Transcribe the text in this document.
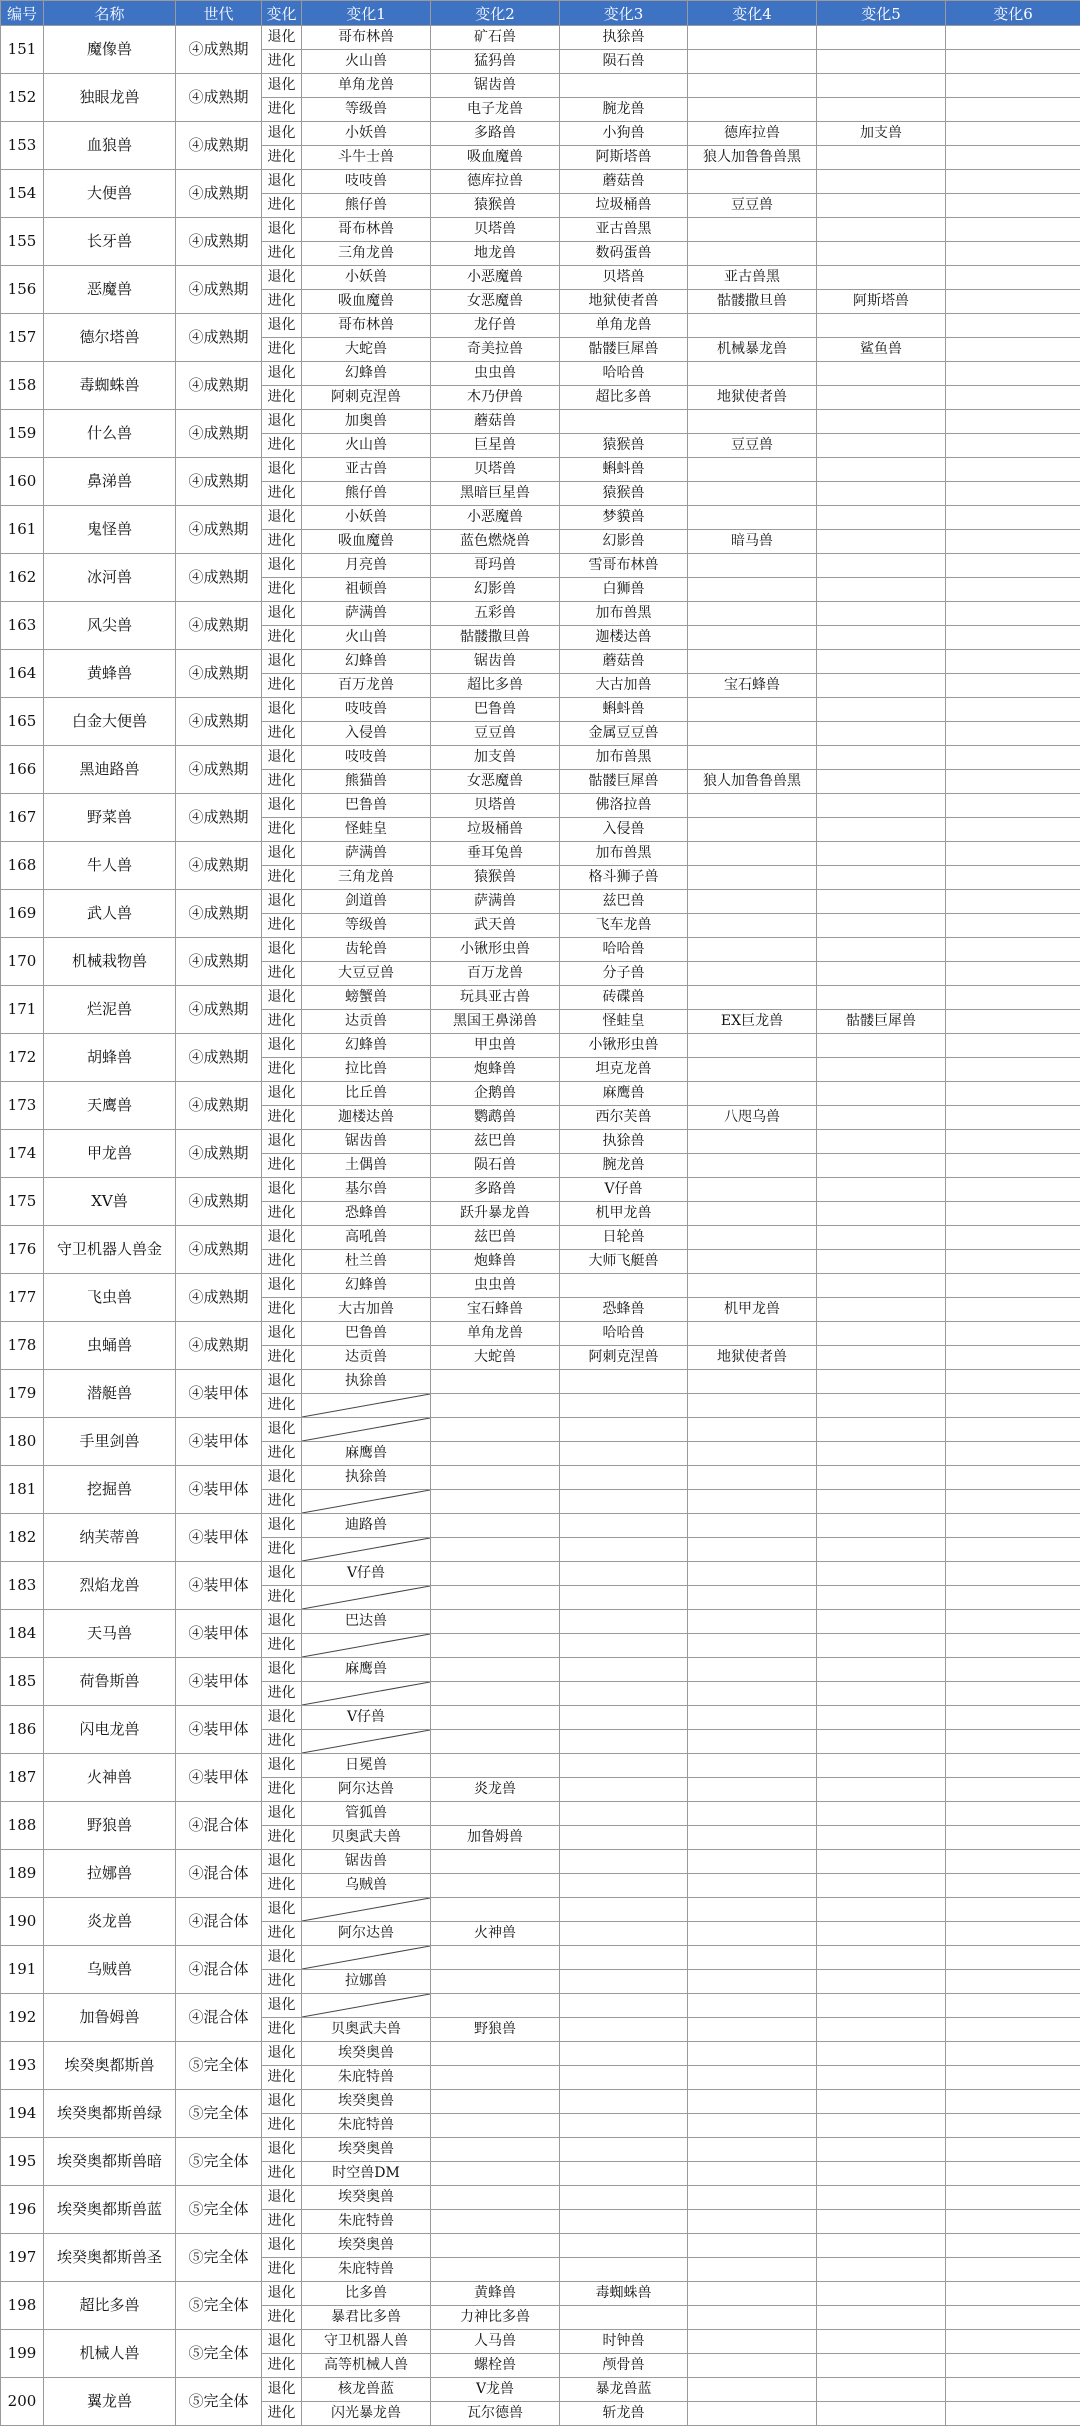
编号	名称	世代	变化	变化1	变化2	变化3	变化4	变化5	变化6
151	魔像兽	④成熟期	退化	哥布林兽	矿石兽	执狳兽			
			进化	火山兽	猛犸兽	陨石兽			
152	独眼龙兽	④成熟期	退化	单角龙兽	锯齿兽				
			进化	等级兽	电子龙兽	腕龙兽			
153	血狼兽	④成熟期	退化	小妖兽	多路兽	小狗兽	德库拉兽	加支兽	
			进化	斗牛士兽	吸血魔兽	阿斯塔兽	狼人加鲁鲁兽黑		
154	大便兽	④成熟期	退化	吱吱兽	德库拉兽	蘑菇兽			
			进化	熊仔兽	猿猴兽	垃圾桶兽	豆豆兽		
155	长牙兽	④成熟期	退化	哥布林兽	贝塔兽	亚古兽黑			
			进化	三角龙兽	地龙兽	数码蛋兽			
156	恶魔兽	④成熟期	退化	小妖兽	小恶魔兽	贝塔兽	亚古兽黑		
			进化	吸血魔兽	女恶魔兽	地狱使者兽	骷髅撒旦兽	阿斯塔兽	
157	德尔塔兽	④成熟期	退化	哥布林兽	龙仔兽	单角龙兽			
			进化	大蛇兽	奇美拉兽	骷髅巨犀兽	机械暴龙兽	鲨鱼兽	
158	毒蜘蛛兽	④成熟期	退化	幻蜂兽	虫虫兽	哈哈兽			
			进化	阿刺克涅兽	木乃伊兽	超比多兽	地狱使者兽		
159	什么兽	④成熟期	退化	加奥兽	蘑菇兽				
			进化	火山兽	巨星兽	猿猴兽	豆豆兽		
160	鼻涕兽	④成熟期	退化	亚古兽	贝塔兽	蝌蚪兽			
			进化	熊仔兽	黑暗巨星兽	猿猴兽			
161	鬼怪兽	④成熟期	退化	小妖兽	小恶魔兽	梦貘兽			
			进化	吸血魔兽	蓝色燃烧兽	幻影兽	暗马兽		
162	冰河兽	④成熟期	退化	月亮兽	哥玛兽	雪哥布林兽			
			进化	祖顿兽	幻影兽	白狮兽			
163	风尖兽	④成熟期	退化	萨满兽	五彩兽	加布兽黑			
			进化	火山兽	骷髅撒旦兽	迦楼达兽			
164	黄蜂兽	④成熟期	退化	幻蜂兽	锯齿兽	蘑菇兽			
			进化	百万龙兽	超比多兽	大古加兽	宝石蜂兽		
165	白金大便兽	④成熟期	退化	吱吱兽	巴鲁兽	蝌蚪兽			
			进化	入侵兽	豆豆兽	金属豆豆兽			
166	黑迪路兽	④成熟期	退化	吱吱兽	加支兽	加布兽黑			
			进化	熊猫兽	女恶魔兽	骷髅巨犀兽	狼人加鲁鲁兽黑		
167	野菜兽	④成熟期	退化	巴鲁兽	贝塔兽	佛洛拉兽			
			进化	怪蛙皇	垃圾桶兽	入侵兽			
168	牛人兽	④成熟期	退化	萨满兽	垂耳兔兽	加布兽黑			
			进化	三角龙兽	猿猴兽	格斗狮子兽			
169	武人兽	④成熟期	退化	剑道兽	萨满兽	兹巴兽			
			进化	等级兽	武天兽	飞车龙兽			
170	机械栽物兽	④成熟期	退化	齿轮兽	小锹形虫兽	哈哈兽			
			进化	大豆豆兽	百万龙兽	分子兽			
171	烂泥兽	④成熟期	退化	螃蟹兽	玩具亚古兽	砖碟兽			
			进化	达贡兽	黑国王鼻涕兽	怪蛙皇	EX巨龙兽	骷髅巨犀兽	
172	胡蜂兽	④成熟期	退化	幻蜂兽	甲虫兽	小锹形虫兽			
			进化	拉比兽	炮蜂兽	坦克龙兽			
173	天鹰兽	④成熟期	退化	比丘兽	企鹅兽	麻鹰兽			
			进化	迦楼达兽	鹦鹉兽	西尔芙兽	八咫乌兽		
174	甲龙兽	④成熟期	退化	锯齿兽	兹巴兽	执狳兽			
			进化	土偶兽	陨石兽	腕龙兽			
175	XV兽	④成熟期	退化	基尔兽	多路兽	V仔兽			
			进化	恐蜂兽	跃升暴龙兽	机甲龙兽			
176	守卫机器人兽金	④成熟期	退化	高吼兽	兹巴兽	日轮兽			
			进化	杜兰兽	炮蜂兽	大师飞艇兽			
177	飞虫兽	④成熟期	退化	幻蜂兽	虫虫兽				
			进化	大古加兽	宝石蜂兽	恐蜂兽	机甲龙兽		
178	虫蛹兽	④成熟期	退化	巴鲁兽	单角龙兽	哈哈兽			
			进化	达贡兽	大蛇兽	阿刺克涅兽	地狱使者兽		
179	潜艇兽	④装甲体	退化	执狳兽					
			进化	

180	手里剑兽	④装甲体	退化	

			进化	麻鹰兽					
181	挖掘兽	④装甲体	退化	执狳兽					
			进化	

182	纳芙蒂兽	④装甲体	退化	迪路兽					
			进化	

183	烈焰龙兽	④装甲体	退化	V仔兽					
			进化	

184	天马兽	④装甲体	退化	巴达兽					
			进化	

185	荷鲁斯兽	④装甲体	退化	麻鹰兽					
			进化	

186	闪电龙兽	④装甲体	退化	V仔兽					
			进化	

187	火神兽	④装甲体	退化	日冕兽					
			进化	阿尔达兽	炎龙兽				
188	野狼兽	④混合体	退化	管狐兽					
			进化	贝奥武夫兽	加鲁姆兽				
189	拉娜兽	④混合体	退化	锯齿兽					
			进化	乌贼兽					
190	炎龙兽	④混合体	退化	

			进化	阿尔达兽	火神兽				
191	乌贼兽	④混合体	退化	

			进化	拉娜兽					
192	加鲁姆兽	④混合体	退化	

			进化	贝奥武夫兽	野狼兽				
193	埃癸奥都斯兽	⑤完全体	退化	埃癸奥兽					
			进化	朱庇特兽					
194	埃癸奥都斯兽绿	⑤完全体	退化	埃癸奥兽					
			进化	朱庇特兽					
195	埃癸奥都斯兽暗	⑤完全体	退化	埃癸奥兽					
			进化	时空兽DM					
196	埃癸奥都斯兽蓝	⑤完全体	退化	埃癸奥兽					
			进化	朱庇特兽					
197	埃癸奥都斯兽圣	⑤完全体	退化	埃癸奥兽					
			进化	朱庇特兽					
198	超比多兽	⑤完全体	退化	比多兽	黄蜂兽	毒蜘蛛兽			
			进化	暴君比多兽	力神比多兽				
199	机械人兽	⑤完全体	退化	守卫机器人兽	人马兽	时钟兽			
			进化	高等机械人兽	螺栓兽	颅骨兽			
200	翼龙兽	⑤完全体	退化	核龙兽蓝	V龙兽	暴龙兽蓝			
			进化	闪光暴龙兽	瓦尔德兽	斩龙兽			
